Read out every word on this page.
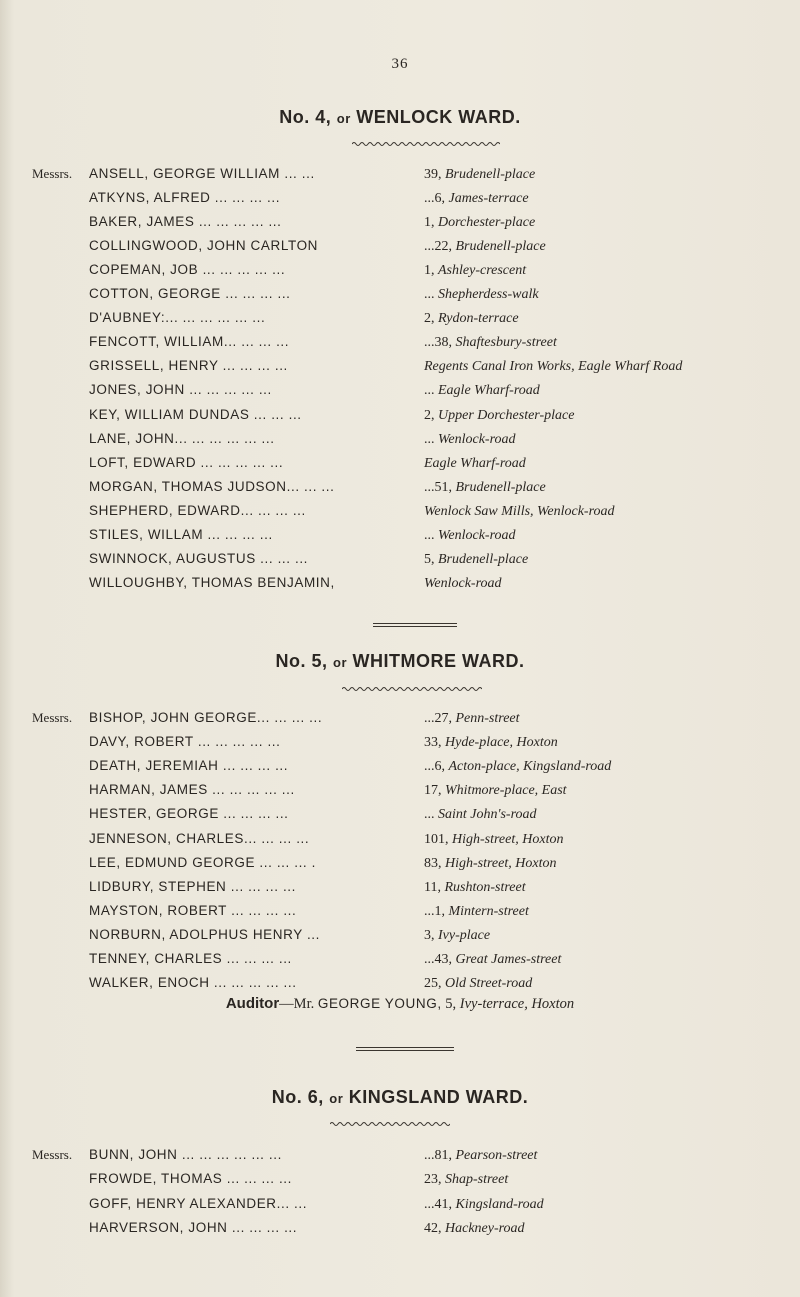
36
No. 4, or WENLOCK WARD.
Messrs. ANSELL, GEORGE WILLIAM ... ...	39, Brudenell-place
ATKYNS, ALFRED ... ... ... ...	...6, James-terrace
BAKER, JAMES ... ... ... ... ...	1, Dorchester-place
COLLINGWOOD, JOHN CARLTON	...22, Brudenell-place
COPEMAN, JOB ... ... ... ... ...	1, Ashley-crescent
COTTON, GEORGE ... ... ... ...	... Shepherdess-walk
D'AUBNEY:... ... ... ... ... ...	2, Rydon-terrace
FENCOTT, WILLIAM... ... ... ...	...38, Shaftesbury-street
GRISSELL, HENRY ... ... ... ...	Regents Canal Iron Works, Eagle Wharf Road
JONES, JOHN ... ... ... ... ...	... Eagle Wharf-road
KEY, WILLIAM DUNDAS ... ... ...	2, Upper Dorchester-place
LANE, JOHN... ... ... ... ... ...	... Wenlock-road
LOFT, EDWARD ... ... ... ... ...	Eagle Wharf-road
MORGAN, THOMAS JUDSON... ... ...	...51, Brudenell-place
SHEPHERD, EDWARD... ... ... ...	Wenlock Saw Mills, Wenlock-road
STILES, WILLAM ... ... ... ...	... Wenlock-road
SWINNOCK, AUGUSTUS ... ... ...	5, Brudenell-place
WILLOUGHBY, THOMAS BENJAMIN,	Wenlock-road
No. 5, or WHITMORE WARD.
Messrs. BISHOP, JOHN GEORGE... ... ... ...	...27, Penn-street
DAVY, ROBERT ... ... ... ... ...	33, Hyde-place, Hoxton
DEATH, JEREMIAH ... ... ... ...	...6, Acton-place, Kingsland-road
HARMAN, JAMES ... ... ... ... ...	17, Whitmore-place, East
HESTER, GEORGE ... ... ... ...	... Saint John's-road
JENNESON, CHARLES... ... ... ...	101, High-street, Hoxton
LEE, EDMUND GEORGE ... ... ... .	83, High-street, Hoxton
LIDBURY, STEPHEN ... ... ... ...	11, Rushton-street
MAYSTON, ROBERT ... ... ... ...	...1, Mintern-street
NORBURN, ADOLPHUS HENRY ...	3, Ivy-place
TENNEY, CHARLES ... ... ... ...	...43, Great James-street
WALKER, ENOCH ... ... ... ... ...	25, Old Street-road
Auditor—Mr. GEORGE YOUNG, 5, Ivy-terrace, Hoxton
No. 6, or KINGSLAND WARD.
Messrs. BUNN, JOHN ... ... ... ... ... ...	...81, Pearson-street
FROWDE, THOMAS ... ... ... ...	23, Shap-street
GOFF, HENRY ALEXANDER... ...	...41, Kingsland-road
HARVERSON, JOHN ... ... ... ...	42, Hackney-road
